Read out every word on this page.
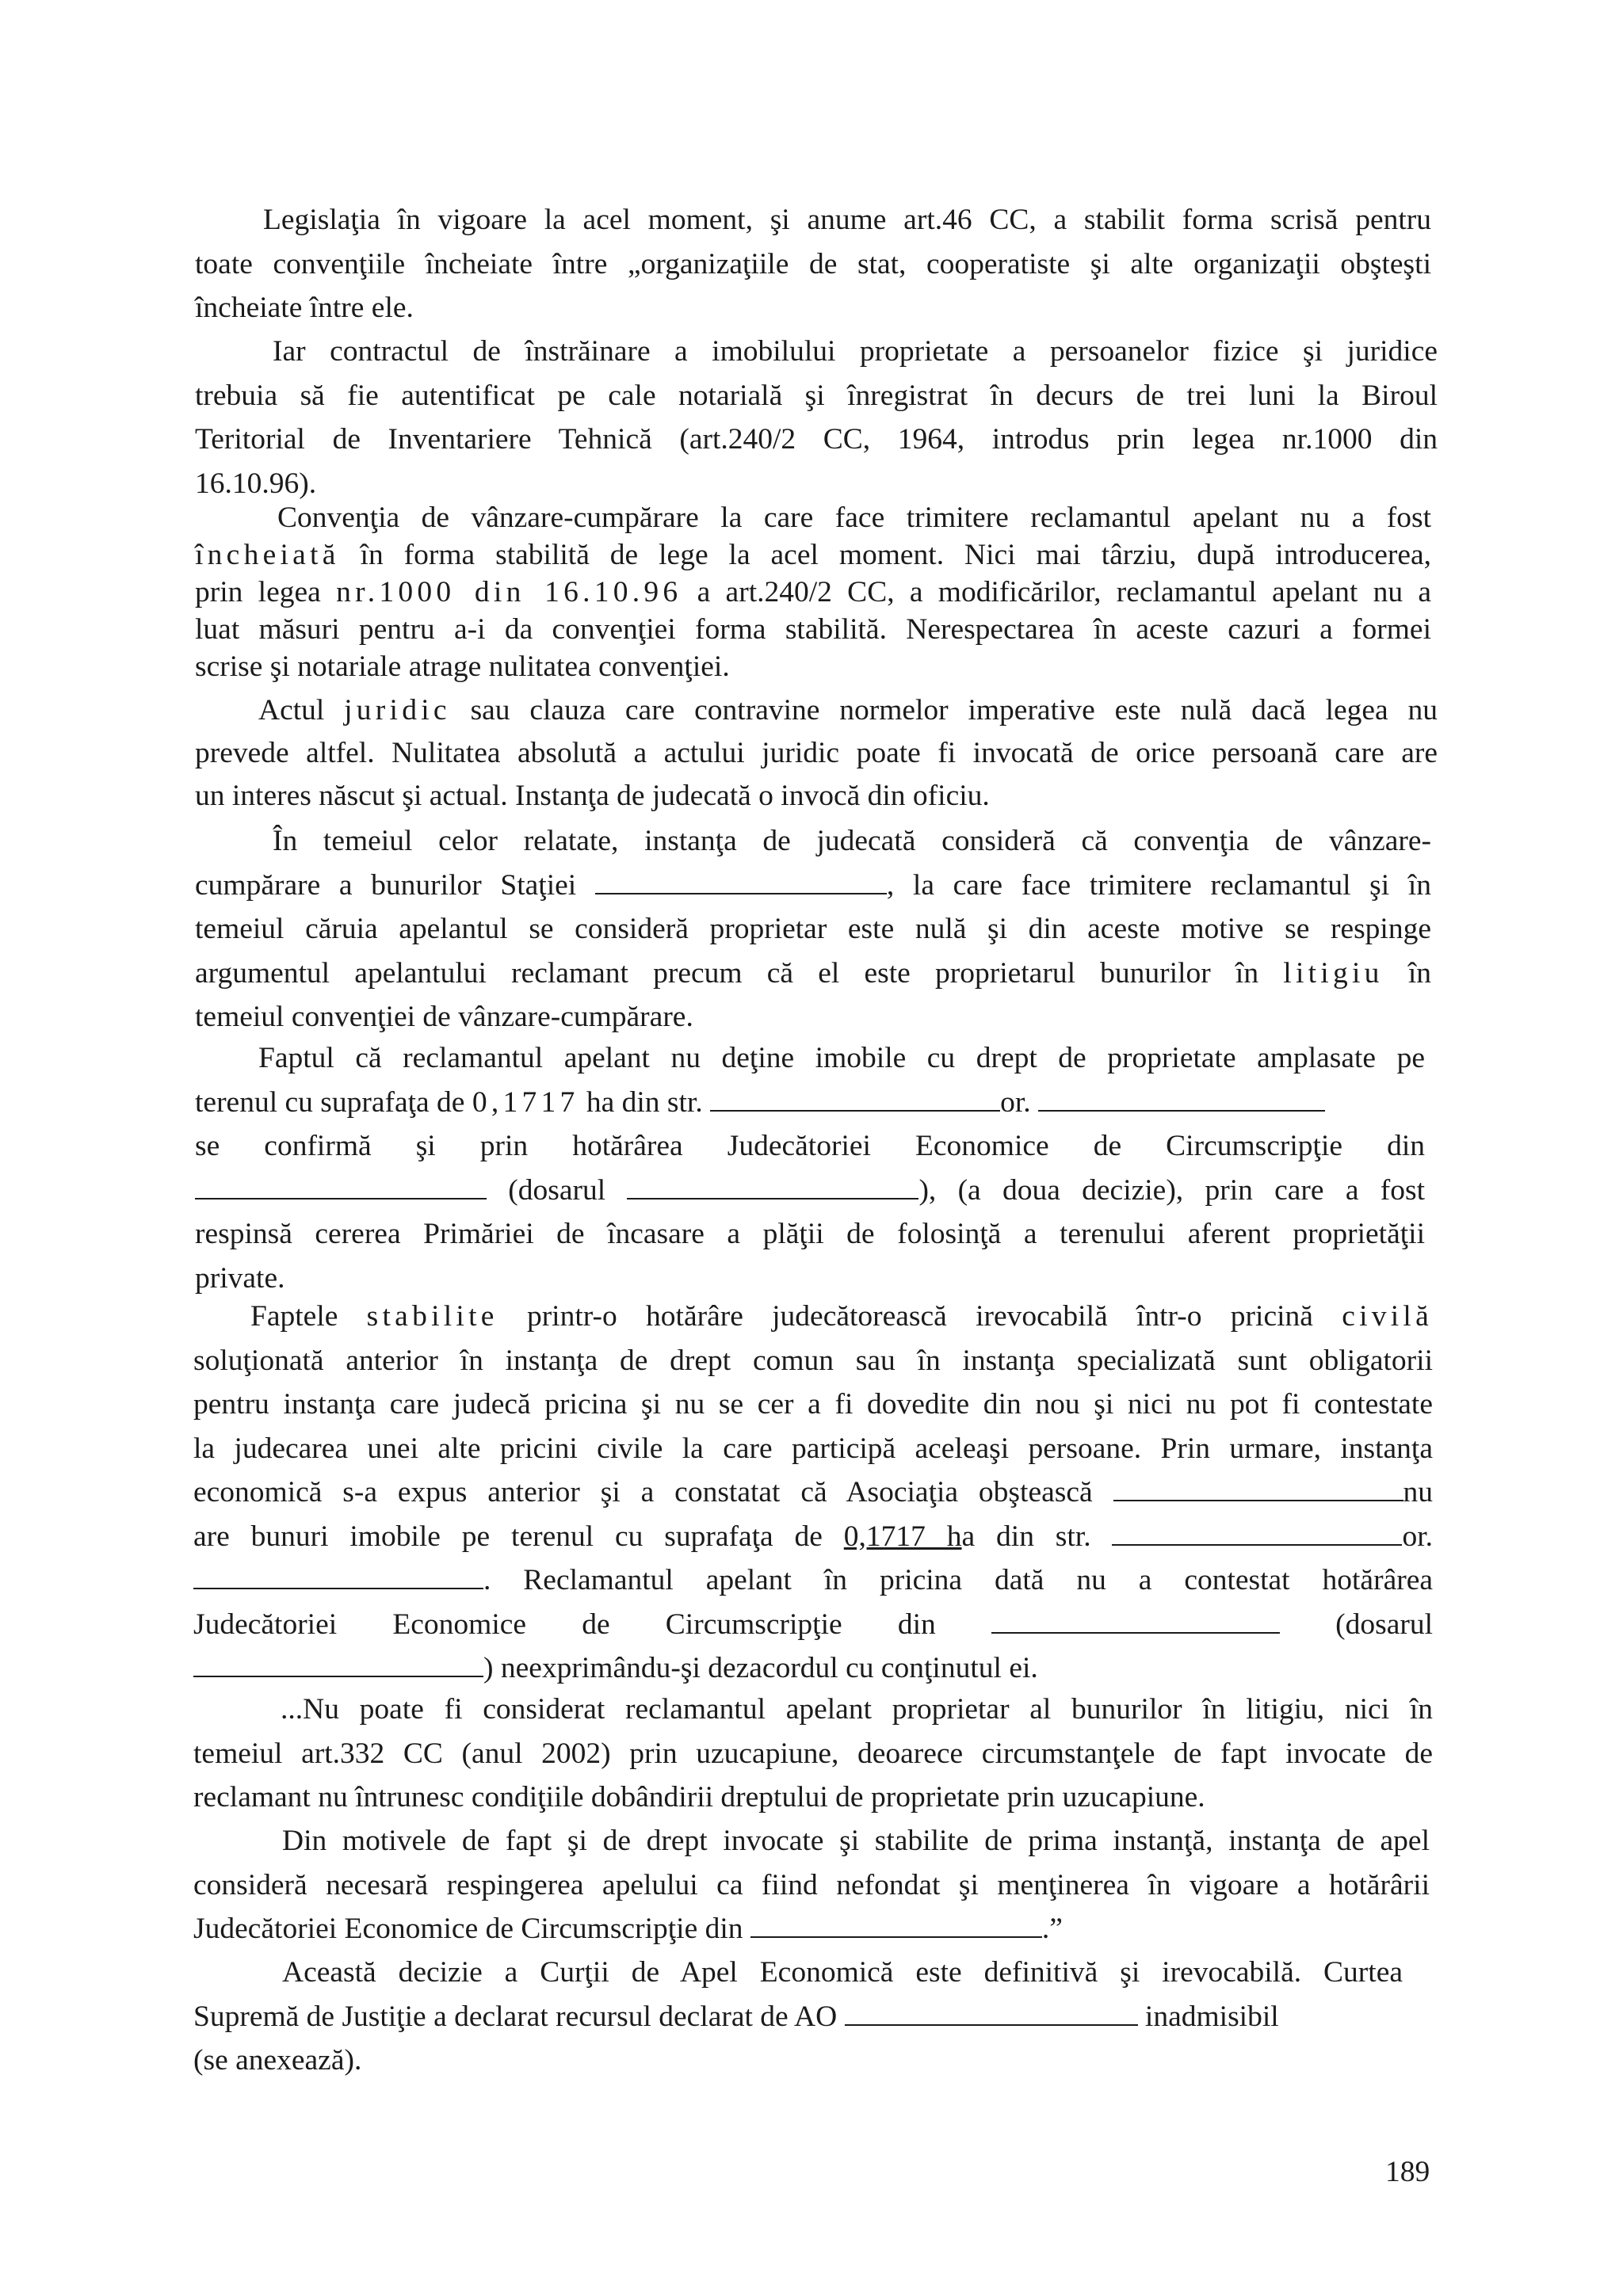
Legislaţia în vigoare la acel moment, şi anume art.46 CC, a stabilit forma scrisă pentru
toate convenţiile încheiate între „organizaţiile de stat, cooperatiste şi alte organizaţii obşteşti
încheiate între ele.
Iar contractul de înstrăinare a imobilului proprietate a persoanelor fizice şi juridice
trebuia să fie autentificat pe cale notarială şi înregistrat în decurs de trei luni la Biroul
Teritorial de Inventariere Tehnică (art.240/2 CC, 1964, introdus prin legea nr.1000 din
16.10.96).
Convenţia de vânzare-cumpărare la care face trimitere reclamantul apelant nu a fost
încheiată în forma stabilită de lege la acel moment. Nici mai târziu, după introducerea,
prin legea nr.1000 din 16.10.96 a art.240/2 CC, a modificărilor, reclamantul apelant nu a
luat măsuri pentru a-i da convenţiei forma stabilită. Nerespectarea în aceste cazuri a formei
scrise şi notariale atrage nulitatea convenţiei.
Actul juridic sau clauza care contravine normelor imperative este nulă dacă legea nu
prevede altfel. Nulitatea absolută a actului juridic poate fi invocată de orice persoană care are
un interes născut şi actual. Instanţa de judecată o invocă din oficiu.
În temeiul celor relatate, instanţa de judecată consideră că convenţia de vânzare-
cumpărare a bunurilor Staţiei	, la care face trimitere reclamantul şi în
temeiul căruia apelantul se consideră proprietar este nulă şi din aceste motive se respinge
argumentul apelantului reclamant precum că el este proprietarul bunurilor în litigiu în
temeiul convenţiei de vânzare-cumpărare.
Faptul că reclamantul apelant nu deţine imobile cu drept de proprietate amplasate pe
terenul cu suprafaţa de 0,1717 ha din str.	or.
se confirmă şi prin hotărârea Judecătoriei Economice de Circumscripţie din
(dosarul	), (a doua decizie), prin care a fost
respinsă cererea Primăriei de încasare a plăţii de folosinţă a terenului aferent proprietăţii
private.
Faptele stabilite printr-o hotărâre judecătorească irevocabilă într-o pricină civilă
soluţionată anterior în instanţa de drept comun sau în instanţa specializată sunt obligatorii
pentru instanţa care judecă pricina şi nu se cer a fi dovedite din nou şi nici nu pot fi contestate
la judecarea unei alte pricini civile la care participă aceleaşi persoane. Prin urmare, instanţa
economică s-a expus anterior şi a constatat că Asociaţia obştească	nu
are bunuri imobile pe terenul cu suprafaţa de 0,1717 ha din str.	or.
. Reclamantul apelant în pricina dată nu a contestat hotărârea
Judecătoriei Economice de Circumscripţie din	(dosarul
) neexprimându-şi dezacordul cu conţinutul ei.
...Nu poate fi considerat reclamantul apelant proprietar al bunurilor în litigiu, nici în
temeiul art.332 CC (anul 2002) prin uzucapiune, deoarece circumstanţele de fapt invocate de
reclamant nu întrunesc condiţiile dobândirii dreptului de proprietate prin uzucapiune.
Din motivele de fapt şi de drept invocate şi stabilite de prima instanţă, instanţa de apel
consideră necesară respingerea apelului ca fiind nefondat şi menţinerea în vigoare a hotărârii
Judecătoriei Economice de Circumscripţie din	.”
Această decizie a Curţii de Apel Economică este definitivă şi irevocabilă. Curtea
Supremă de Justiţie a declarat recursul declarat de AO	inadmisibil
(se anexează).
189
